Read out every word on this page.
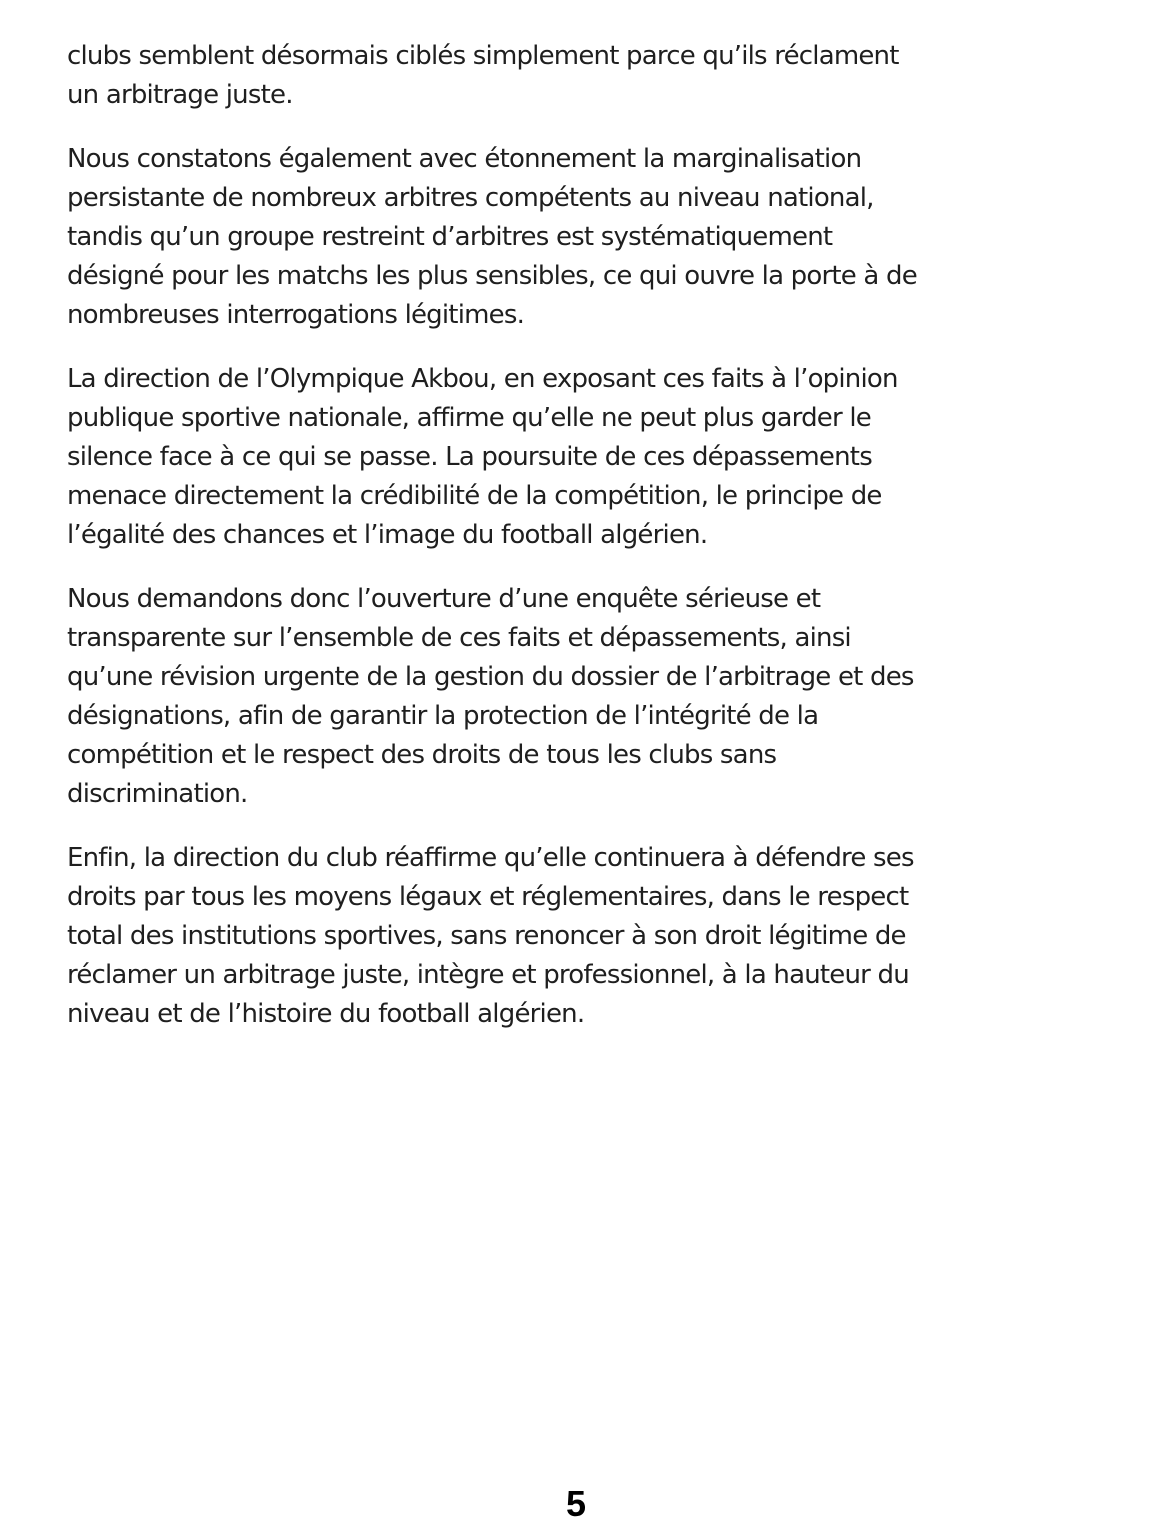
clubs semblent désormais ciblés simplement parce qu’ils réclament
un arbitrage juste.

Nous constatons également avec étonnement la marginalisation
persistante de nombreux arbitres compétents au niveau national,
tandis qu’un groupe restreint d’arbitres est systématiquement
désigné pour les matchs les plus sensibles, ce qui ouvre la porte à de
nombreuses interrogations légitimes.

La direction de l’Olympique Akbou, en exposant ces faits à l’opinion
publique sportive nationale, affirme qu’elle ne peut plus garder le
silence face à ce qui se passe. La poursuite de ces dépassements
menace directement la crédibilité de la compétition, le principe de
l’égalité des chances et l’image du football algérien.

Nous demandons donc l’ouverture d’une enquête sérieuse et
transparente sur l’ensemble de ces faits et dépassements, ainsi
qu’une révision urgente de la gestion du dossier de l’arbitrage et des
désignations, afin de garantir la protection de l’intégrité de la
compétition et le respect des droits de tous les clubs sans
discrimination.

Enfin, la direction du club réaffirme qu’elle continuera à défendre ses
droits par tous les moyens légaux et réglementaires, dans le respect
total des institutions sportives, sans renoncer à son droit légitime de
réclamer un arbitrage juste, intègre et professionnel, à la hauteur du
niveau et de l’histoire du football algérien.

5
